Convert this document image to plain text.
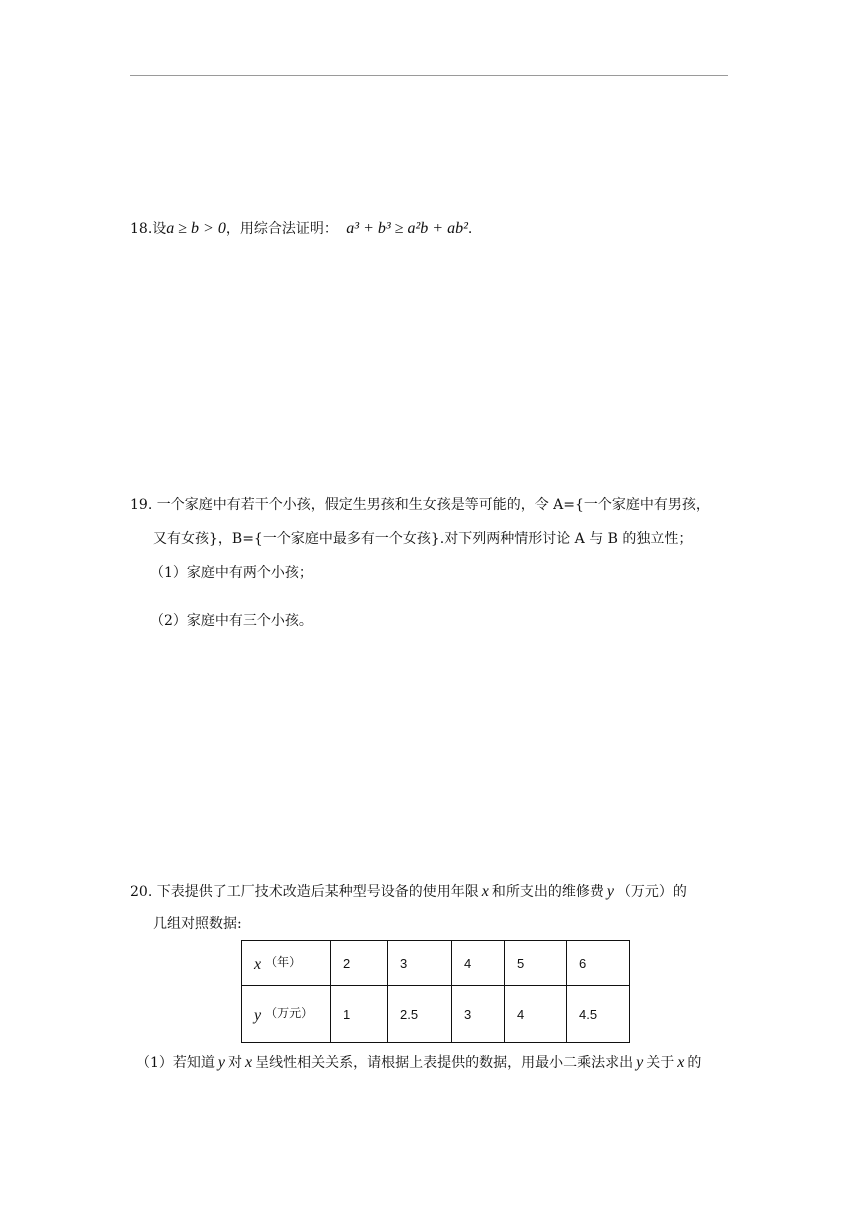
18.设a ≥ b > 0，用综合法证明： a³ + b³ ≥ a²b + ab².
19. 一个家庭中有若干个小孩，假定生男孩和生女孩是等可能的，令 A={一个家庭中有男孩，
又有女孩}，B={一个家庭中最多有一个女孩}.对下列两种情形讨论 A 与 B 的独立性；
（1）家庭中有两个小孩；
（2）家庭中有三个小孩。
20. 下表提供了工厂技术改造后某种型号设备的使用年限 x 和所支出的维修费 y （万元）的
几组对照数据:
x （年）	2	3	4	5	6
y （万元）	1	2.5	3	4	4.5
（1）若知道 y 对 x 呈线性相关关系，请根据上表提供的数据，用最小二乘法求出 y 关于 x 的
